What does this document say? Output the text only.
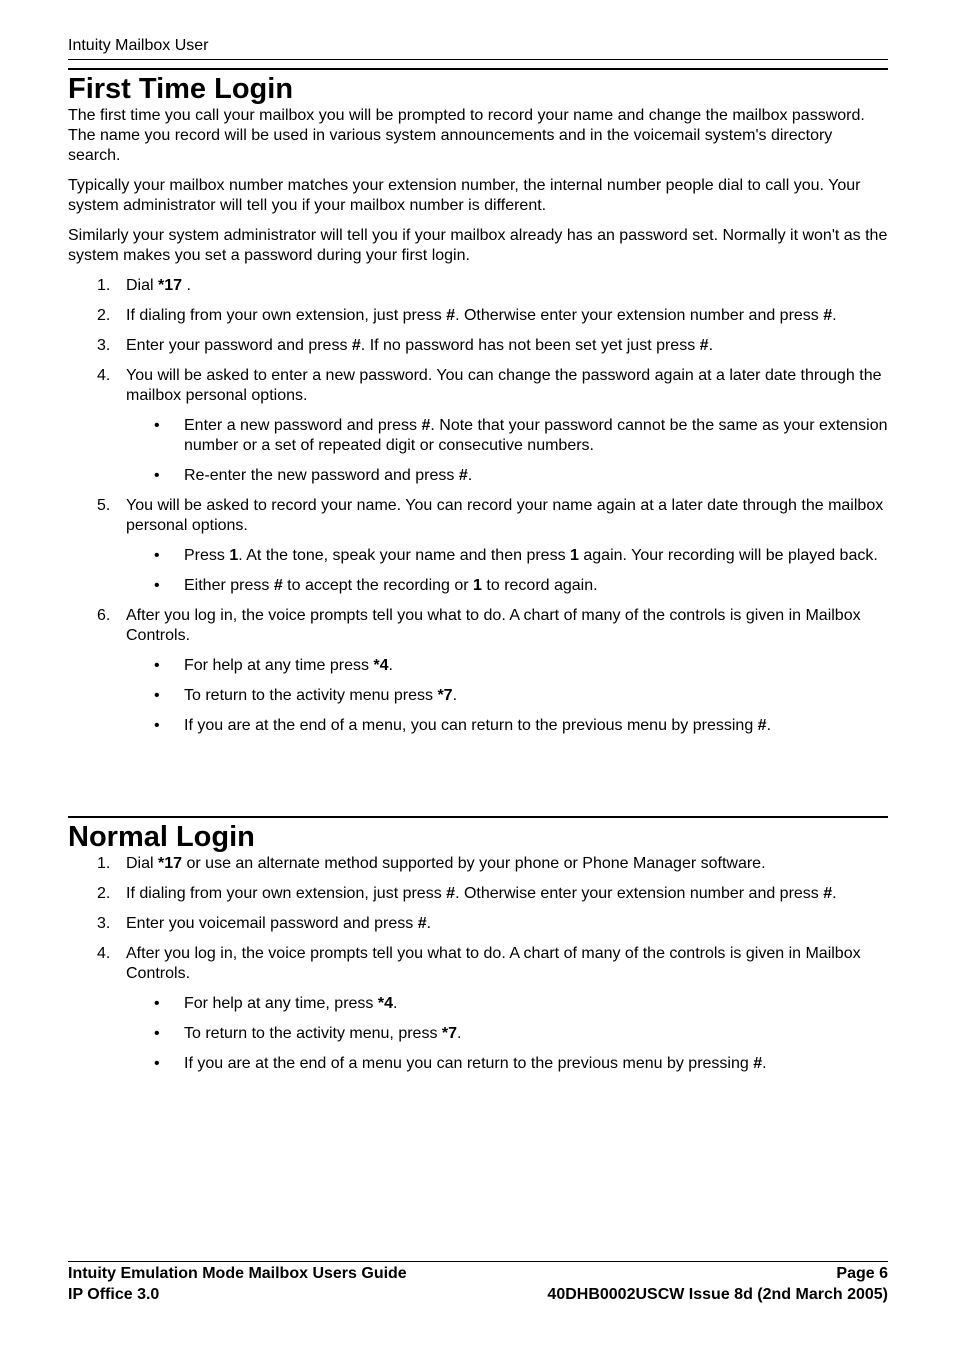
Intuity Mailbox User
First Time Login

The first time you call your mailbox you will be prompted to record your name and change the mailbox password. The name you record will be used in various system announcements and in the voicemail system's directory search.

Typically your mailbox number matches your extension number, the internal number people dial to call you. Your system administrator will tell you if your mailbox number is different.

Similarly your system administrator will tell you if your mailbox already has an password set. Normally it won't as the system makes you set a password during your first login.

1. Dial *17 .
2. If dialing from your own extension, just press #. Otherwise enter your extension number and press #.
3. Enter your password and press #. If no password has not been set yet just press #.
4. You will be asked to enter a new password. You can change the password again at a later date through the mailbox personal options.
• Enter a new password and press #. Note that your password cannot be the same as your extension number or a set of repeated digit or consecutive numbers.
• Re-enter the new password and press #.
5. You will be asked to record your name. You can record your name again at a later date through the mailbox personal options.
• Press 1. At the tone, speak your name and then press 1 again. Your recording will be played back.
• Either press # to accept the recording or 1 to record again.
6. After you log in, the voice prompts tell you what to do. A chart of many of the controls is given in Mailbox Controls.
• For help at any time press *4.
• To return to the activity menu press *7.
• If you are at the end of a menu, you can return to the previous menu by pressing #.
Normal Login
1. Dial *17 or use an alternate method supported by your phone or Phone Manager software.
2. If dialing from your own extension, just press #. Otherwise enter your extension number and press #.
3. Enter you voicemail password and press #.
4. After you log in, the voice prompts tell you what to do. A chart of many of the controls is given in Mailbox Controls.
• For help at any time, press *4.
• To return to the activity menu, press *7.
• If you are at the end of a menu you can return to the previous menu by pressing #.
Intuity Emulation Mode Mailbox Users Guide	Page 6
IP Office 3.0	40DHB0002USCW Issue 8d (2nd March 2005)
